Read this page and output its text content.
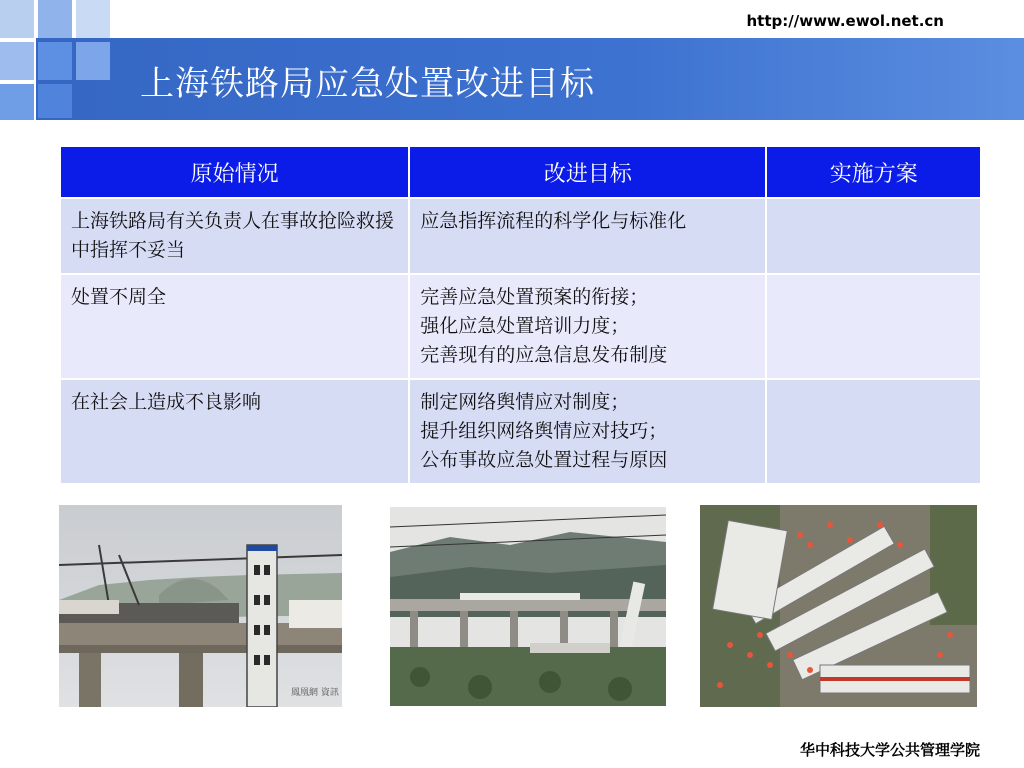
http://www.ewol.net.cn
上海铁路局应急处置改进目标
原始情况	改进目标	实施方案
上海铁路局有关负责人在事故抢险救援中指挥不妥当	应急指挥流程的科学化与标准化	

处置不周全	完善应急处置预案的衔接；
强化应急处置培训力度；
完善现有的应急信息发布制度	

在社会上造成不良影响	制定网络舆情应对制度；
提升组织网络舆情应对技巧；
公布事故应急处置过程与原因	

鳳凰網 資訊
华中科技大学公共管理学院
